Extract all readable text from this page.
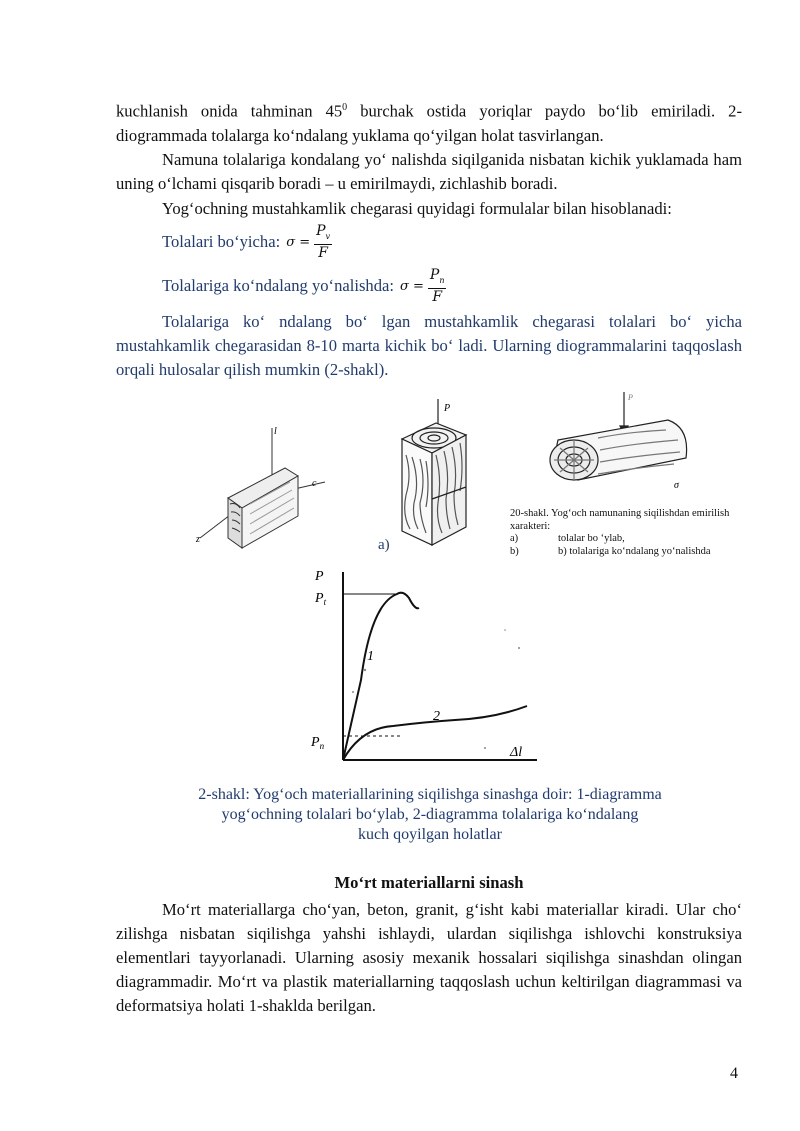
kuchlanish onida tahminan $45^0$ burchak ostida yoriqlar paydo bo‘lib emiriladi. 2-diogrammada tolalarga ko‘ndalang yuklama qo‘yilgan holat tasvirlangan.

Namuna tolalariga kondalang yo‘ nalishda siqilganida nisbatan kichik yuklamada ham uning o‘lchami qisqarib boradi – u emirilmaydi, zichlashib boradi.

Yog‘ochning mustahkamlik chegarasi quyidagi formulalar bilan hisoblanadi:

Tolalari bo‘yicha: $\sigma = \frac{P_v}{F}$
Tolalariga ko‘ndalang yo‘nalishda: $\sigma = \frac{P_n}{F}$

Tolalariga ko‘ ndalang bo‘ lgan mustahkamlik chegarasi tolalari bo‘ yicha mustahkamlik chegarasidan 8-10 marta kichik bo‘ ladi. Ularning diogrammalarini taqqoslash orqali hulosalar qilish mumkin (2-shakl).

l
c
z
P
a)
P
σ
20-shakl. Yog‘och namunaning siqilishdan emirilish xarakteri:
a)	tolalar bo ‘ylab,
b)	b) tolalariga ko‘ndalang yo‘nalishda
P
$P_t$
$P_n$
1
2
Δl
2-shakl: Yog‘och materiallarining siqilishga sinashga doir: 1-diagramma
yog‘ochning tolalari bo‘ylab, 2-diagramma tolalariga ko‘ndalang
kuch qoyilgan holatlar
Mo‘rt materiallarni sinash

Mo‘rt materiallarga cho‘yan, beton, granit, g‘isht kabi materiallar kiradi. Ular cho‘ zilishga nisbatan siqilishga yahshi ishlaydi, ulardan siqilishga ishlovchi konstruksiya elementlari tayyorlanadi. Ularning asosiy mexanik hossalari siqilishga sinashdan olingan diagrammadir. Mo‘rt va plastik materiallarning taqqoslash uchun keltirilgan diagrammasi va deformatsiya holati 1-shaklda berilgan.

4
